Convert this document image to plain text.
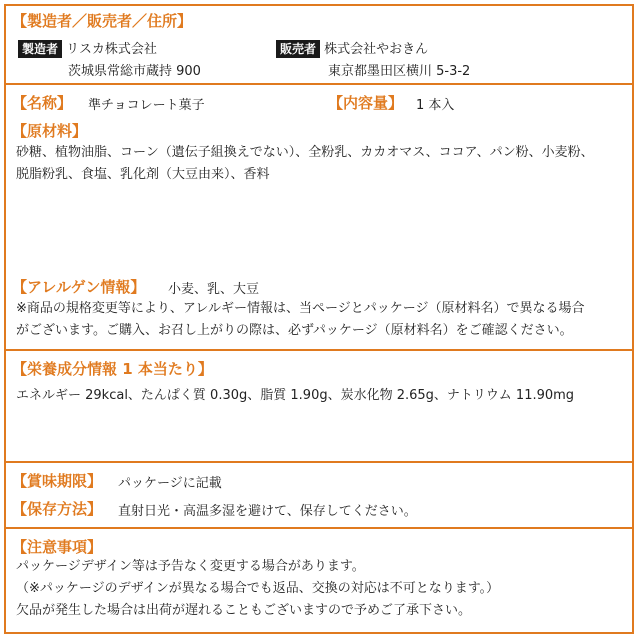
【製造者／販売者／住所】
製造者 リスカ株式会社
茨城県常総市蔵持 900
販売者 株式会社やおきん
東京都墨田区横川 5-3-2
【名称】 準チョコレート菓子	【内容量】 1 本入
【原材料】
砂糖、植物油脂、コーン（遺伝子組換えでない）、全粉乳、カカオマス、ココア、パン粉、小麦粉、
脱脂粉乳、食塩、乳化剤（大豆由来）、香料
【アレルゲン情報】 小麦、乳、大豆
※商品の規格変更等により、アレルギー情報は、当ページとパッケージ（原材料名）で異なる場合
がございます。ご購入、お召し上がりの際は、必ずパッケージ（原材料名）をご確認ください。
【栄養成分情報 1 本当たり】
エネルギー 29kcal、たんぱく質 0.30g、脂質 1.90g、炭水化物 2.65g、ナトリウム 11.90mg
【賞味期限】 パッケージに記載
【保存方法】 直射日光・高温多湿を避けて、保存してください。
【注意事項】
パッケージデザイン等は予告なく変更する場合があります。
（※パッケージのデザインが異なる場合でも返品、交換の対応は不可となります。）
欠品が発生した場合は出荷が遅れることもございますので予めご了承下さい。
